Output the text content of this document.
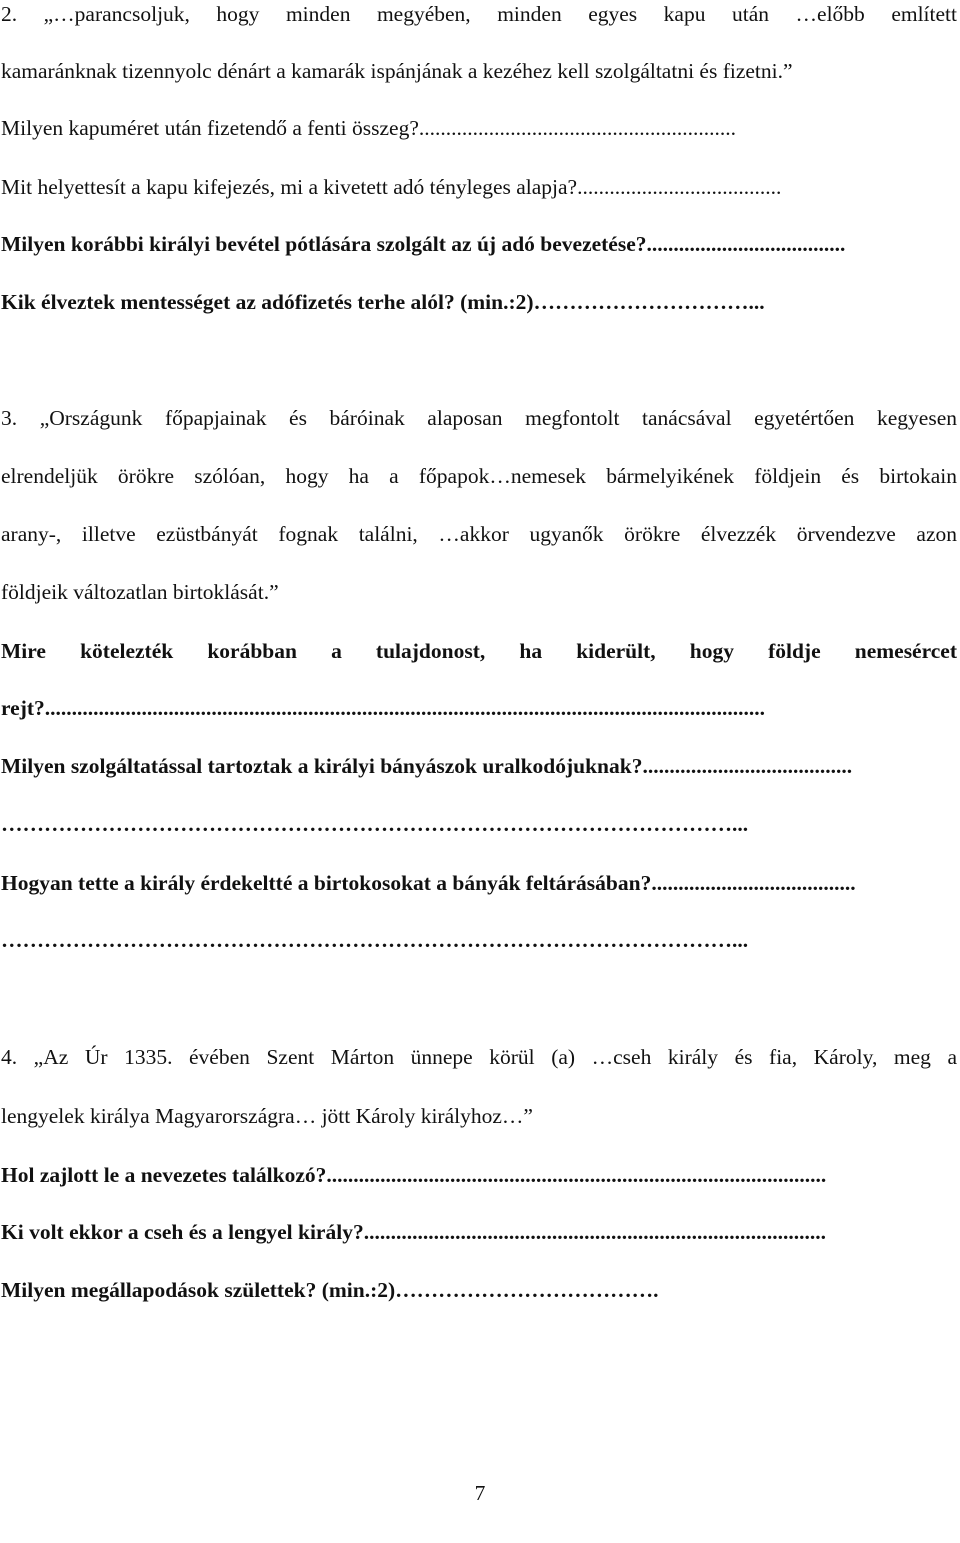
2. „…parancsoljuk, hogy minden megyében, minden egyes kapu után …előbb említett
kamaránknak tizennyolc dénárt a kamarák ispánjának a kezéhez kell szolgáltatni és fizetni.”
Milyen kapuméret után fizetendő a fenti összeg?...........................................................
Mit helyettesít a kapu kifejezés, mi a kivetett adó tényleges alapja?......................................
Milyen korábbi királyi bevétel pótlására szolgált az új adó bevezetése?.....................................
Kik élveztek mentességet az adófizetés terhe alól? (min.:2)…………………………...
3. „Országunk főpapjainak és báróinak alaposan megfontolt tanácsával egyetértően kegyesen
elrendeljük örökre szólóan, hogy ha a főpapok…nemesek bármelyikének földjein és birtokain
arany-, illetve ezüstbányát fognak találni, …akkor ugyanők örökre élvezzék örvendezve azon
földjeik változatlan birtoklását.”
Mire kötelezték korábban a tulajdonost, ha kiderült, hogy földje nemesércet
rejt?......................................................................................................................................
Milyen szolgáltatással tartoztak a királyi bányászok uralkodójuknak?.......................................
…………………………………………………………………………………………...
Hogyan tette a király érdekeltté a birtokosokat a bányák feltárásában?......................................
…………………………………………………………………………………………...
4. „Az Úr 1335. évében Szent Márton ünnepe körül (a) …cseh király és fia, Károly, meg a
lengyelek királya Magyarországra… jött Károly királyhoz…”
Hol zajlott le a nevezetes találkozó?.............................................................................................
Ki volt ekkor a cseh és a lengyel király?......................................................................................
Milyen megállapodások születtek? (min.:2)……………………………….
7
